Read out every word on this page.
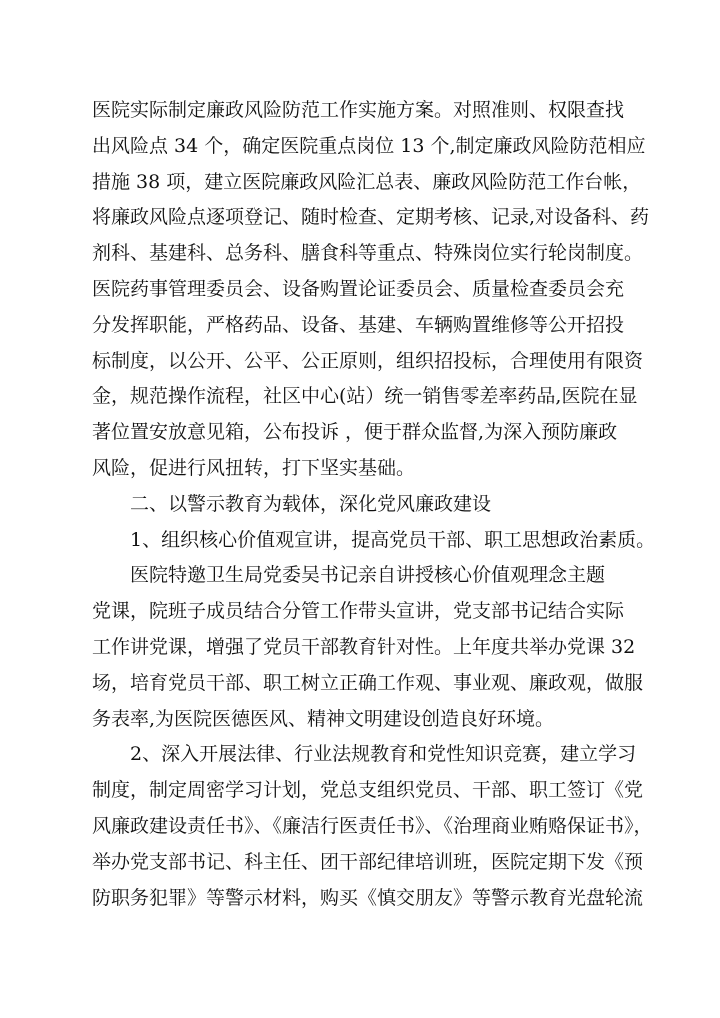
医院实际制定廉政风险防范工作实施方案。对照准则、权限查找
出风险点 34 个，确定医院重点岗位 13 个,制定廉政风险防范相应
措施 38 项，建立医院廉政风险汇总表、廉政风险防范工作台帐，
将廉政风险点逐项登记、随时检查、定期考核、记录,对设备科、药
剂科、基建科、总务科、膳食科等重点、特殊岗位实行轮岗制度。
医院药事管理委员会、设备购置论证委员会、质量检查委员会充
分发挥职能，严格药品、设备、基建、车辆购置维修等公开招投
标制度，以公开、公平、公正原则，组织招投标，合理使用有限资
金，规范操作流程，社区中心(站）统一销售零差率药品,医院在显
著位置安放意见箱，公布投诉 ，便于群众监督,为深入预防廉政
风险，促进行风扭转，打下坚实基础。
二、以警示教育为载体，深化党风廉政建设
1、组织核心价值观宣讲，提高党员干部、职工思想政治素质。
医院特邀卫生局党委吴书记亲自讲授核心价值观理念主题
党课，院班子成员结合分管工作带头宣讲，党支部书记结合实际
工作讲党课，增强了党员干部教育针对性。上年度共举办党课 32
场，培育党员干部、职工树立正确工作观、事业观、廉政观，做服
务表率,为医院医德医风、精神文明建设创造良好环境。
2、深入开展法律、行业法规教育和党性知识竞赛，建立学习
制度，制定周密学习计划，党总支组织党员、干部、职工签订《党
风廉政建设责任书》、《廉洁行医责任书》、《治理商业贿赂保证书》，
举办党支部书记、科主任、团干部纪律培训班，医院定期下发《预
防职务犯罪》等警示材料，购买《慎交朋友》等警示教育光盘轮流
